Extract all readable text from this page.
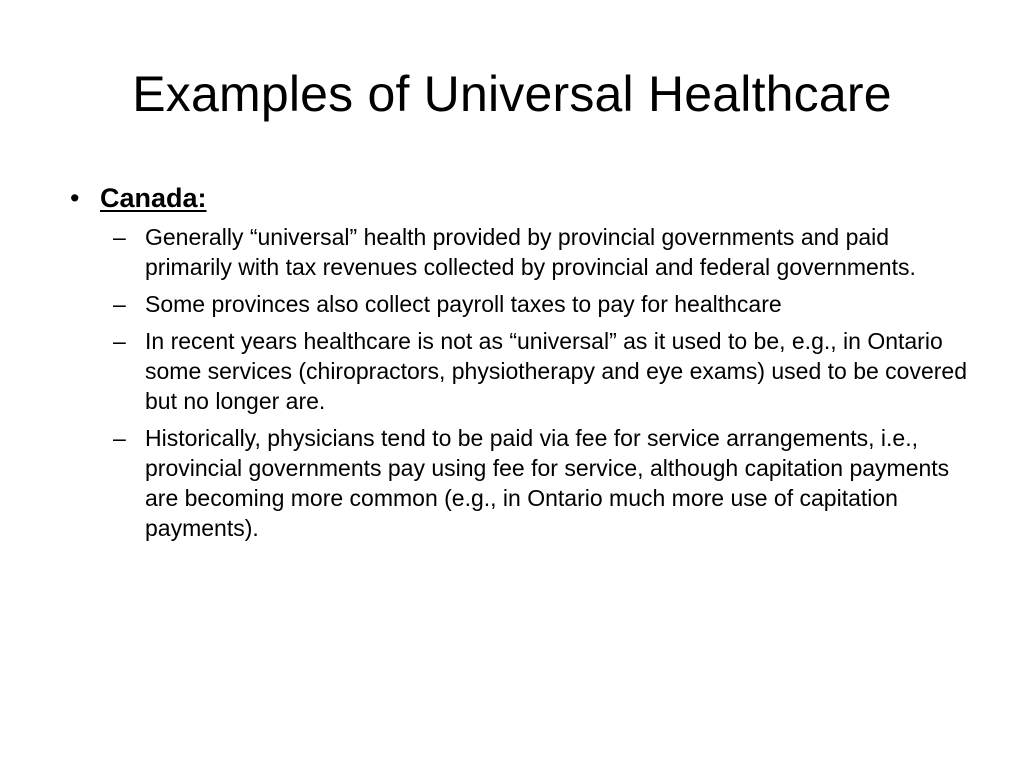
Examples of Universal Healthcare
• Canada:
– Generally “universal” health provided by provincial governments and paid primarily with tax revenues collected by provincial and federal governments.
– Some provinces also collect payroll taxes to pay for healthcare
– In recent years healthcare is not as “universal” as it used to be, e.g., in Ontario some services (chiropractors, physiotherapy and eye exams) used to be covered but no longer are.
– Historically, physicians tend to be paid via fee for service arrangements, i.e., provincial governments pay using fee for service, although capitation payments are becoming more common (e.g., in Ontario much more use of capitation payments).
